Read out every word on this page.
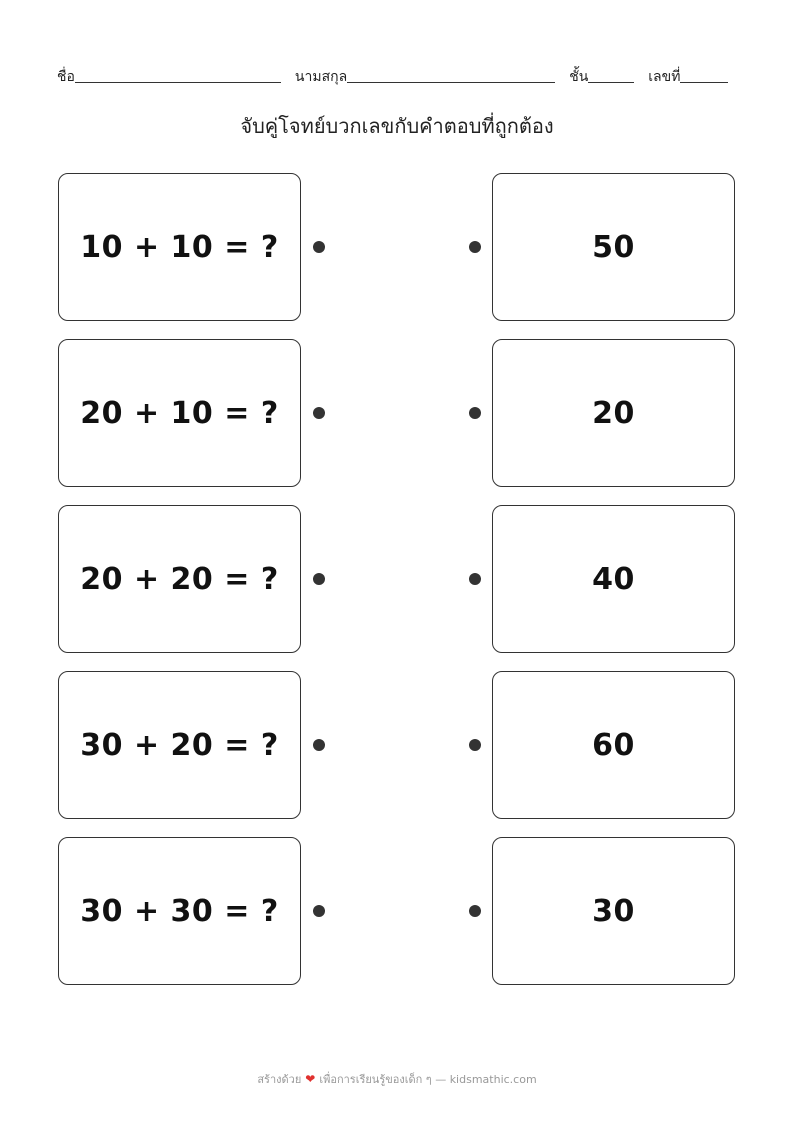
ชื่อ	นามสกุล	ชั้น	เลขที่
จับคู่โจทย์บวกเลขกับคำตอบที่ถูกต้อง
10 + 10 = ?
20 + 10 = ?
20 + 20 = ?
30 + 20 = ?
30 + 30 = ?
50
20
40
60
30
สร้างด้วย ❤ เพื่อการเรียนรู้ของเด็ก ๆ — kidsmathic.com
